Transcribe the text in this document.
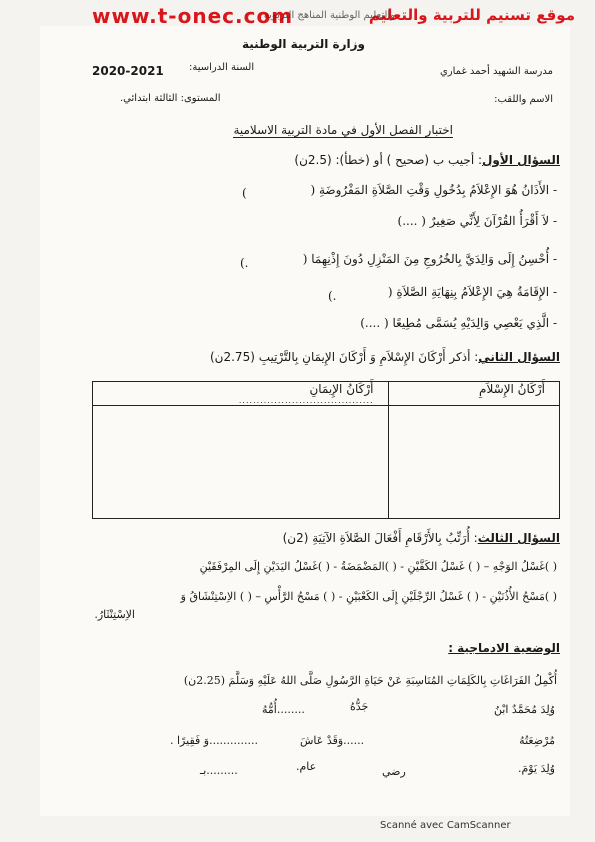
www.t-onec.com	موقع تسنيم للتربية والتعليم
والتعليم الوطنية المناهج التربوية
وزارة التربية الوطنية
مدرسة الشهيد أحمد غماري
السنة الدراسية:
2020-2021
الاسم واللقب:
المستوى: الثالثة ابتدائي.
اختبار الفصل الأول في مادة التربية الاسلامية
السؤال الأول: أجيب ب (صحيح ) أو (خطأ): (2.5ن)
- الأَذَانُ هُوَ الإِعْلاَمُ بِدُخُولِ وَقْتِ الصَّلاَةِ المَفْرُوضَةِ (
)
- لاَ أَقْرَأُ القُرْآنَ لِأَنِّي صَغِيرٌ ( ....)
- أُحْسِنُ إِلَى وَالِدَيَّ بِالخُرُوجِ مِنَ المَنْزِلِ دُونَ إِذْنِهِمَا (
.)
- الإِقَامَةُ هِيَ الإِعْلاَمُ بِنِهَايَةِ الصَّلاَةِ (
.)
- الَّذِي يَعْصِي وَالِدَيْهِ يُسَمَّى مُطِيعًا ( ....)
السؤال الثاني: أذكر أَرْكَانَ الإِسْلاَمِ وَ أَرْكَانَ الإِيمَانِ بِالتَّرْتِيبِ (2.75ن)
أَرْكَانُ الإِسْلاَمِ	أَرْكَانُ الإِيمَانِ
......................................

السؤال الثالث: أُرَتِّبُ بِالأَرْقَامِ أَفْعَالَ الصَّلاَةِ الآتِيَةِ (2ن)
( )غَسْلُ الوَجْهِ – ( ) غَسْلُ الكَفَّيْنِ - ( )المَضْمَضَةُ - ( )غَسْلُ اليَدَيْنِ إِلَى المِرْفَقَيْنِ
( )مَسْحُ الأُذُنَيْنِ - ( ) غَسْلُ الرِّجْلَيْنِ إِلَى الكَعْبَيْنِ - ( ) مَسْحُ الرَّأْسِ – ( ) الاِسْتِنْشَاقُ وَ
الاِسْتِنْثَارُ.
الوضعية الادماجية :
أُكْمِلُ الفَرَاغَاتِ بِالكَلِمَاتِ المُنَاسِبَةِ عَنْ حَيَاةِ الرَّسُولِ صَلَّى اللهُ عَلَيْهِ وَسَلَّمَ (2.25ن)
وُلِدَ مُحَمَّدٌ ابْنُ
جَدُّهُ
........أُمُّهُ
مُرْضِعَتُهُ
......وَقَدْ عَاشَ
..............وَ فَقِيرًا .
وُلِدَ يَوْمَ.
رضي
عام.
.........بـ
Scanné avec CamScanner
